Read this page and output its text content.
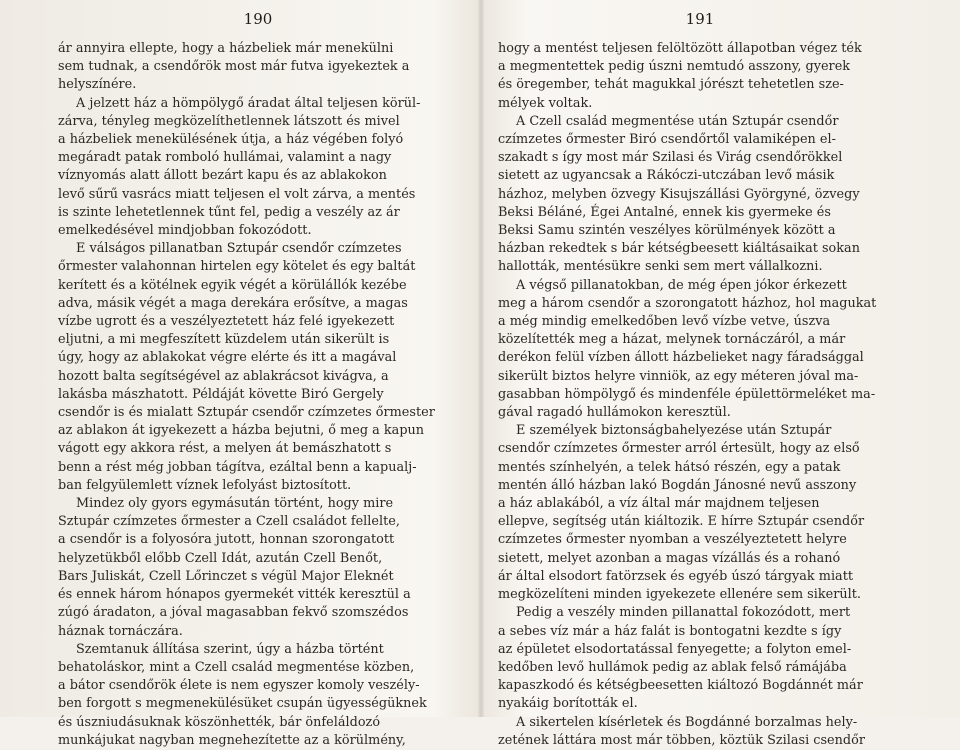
190
ár annyira ellepte, hogy a házbeliek már menekülni
sem tudnak, a csendőrök most már futva igyekeztek a
helyszínére.
A jelzett ház a hömpölygő áradat által teljesen körül-
zárva, tényleg megközelíthetlennek látszott és mivel
a házbeliek menekülésének útja, a ház végében folyó
megáradt patak romboló hullámai, valamint a nagy
víznyomás alatt állott bezárt kapu és az ablakokon
levő sűrű vasrács miatt teljesen el volt zárva, a mentés
is szinte lehetetlennek tűnt fel, pedig a veszély az ár
emelkedésével mindjobban fokozódott.
E válságos pillanatban Sztupár csendőr czímzetes
őrmester valahonnan hirtelen egy kötelet és egy baltát
kerített és a kötélnek egyik végét a körülállók kezébe
adva, másik végét a maga derekára erősítve, a magas
vízbe ugrott és a veszélyeztetett ház felé igyekezett
eljutni, a mi megfeszített küzdelem után sikerült is
úgy, hogy az ablakokat végre elérte és itt a magával
hozott balta segítségével az ablakrácsot kivágva, a
lakásba mászhatott. Példáját követte Biró Gergely
csendőr is és mialatt Sztupár csendőr czímzetes őrmester
az ablakon át igyekezett a házba bejutni, ő meg a kapun
vágott egy akkora rést, a melyen át bemászhatott s
benn a rést még jobban tágítva, ezáltal benn a kapualj-
ban felgyülemlett víznek lefolyást biztosított.
Mindez oly gyors egymásután történt, hogy mire
Sztupár czímzetes őrmester a Czell családot fellelte,
a csendőr is a folyosóra jutott, honnan szorongatott
helyzetükből előbb Czell Idát, azután Czell Benőt,
Bars Juliskát, Czell Lőrinczet s végül Major Eleknét
és ennek három hónapos gyermekét vitték keresztül a
zúgó áradaton, a jóval magasabban fekvő szomszédos
háznak tornáczára.
Szemtanuk állítása szerint, úgy a házba történt
behatoláskor, mint a Czell család megmentése közben,
a bátor csendőrök élete is nem egyszer komoly veszély-
ben forgott s megmenekülésüket csupán ügyességüknek
és úszniudásuknak köszönhették, bár önfeláldozó
munkájukat nagyban megnehezítette az a körülmény,
191
hogy a mentést teljesen felöltözött állapotban végez ték
a megmentettek pedig úszni nemtudó asszony, gyerek
és öregember, tehát magukkal jórészt tehetetlen sze-
mélyek voltak.
A Czell család megmentése után Sztupár csendőr
czímzetes őrmester Biró csendőrtől valamiképen el-
szakadt s így most már Szilasi és Virág csendőrökkel
sietett az ugyancsak a Rákóczi-utczában levő másik
házhoz, melyben özvegy Kisujszállási Györgyné, özvegy
Beksi Béláné, Égei Antalné, ennek kis gyermeke és
Beksi Samu szintén veszélyes körülmények között a
házban rekedtek s bár kétségbeesett kiáltásaikat sokan
hallották, mentésükre senki sem mert vállalkozni.
A végső pillanatokban, de még épen jókor érkezett
meg a három csendőr a szorongatott házhoz, hol magukat
a még mindig emelkedőben levő vízbe vetve, úszva
közelítették meg a házat, melynek tornáczáról, a már
derékon felül vízben állott házbelieket nagy fáradsággal
sikerült biztos helyre vinniök, az egy méteren jóval ma-
gasabban hömpölygő és mindenféle épülettörmeléket ma-
gával ragadó hullámokon keresztül.
E személyek biztonságbahelyezése után Sztupár
csendőr czímzetes őrmester arról értesült, hogy az első
mentés színhelyén, a telek hátsó részén, egy a patak
mentén álló házban lakó Bogdán Jánosné nevű asszony
a ház ablakából, a víz által már majdnem teljesen
ellepve, segítség után kiáltozik. E hírre Sztupár csendőr
czímzetes őrmester nyomban a veszélyeztetett helyre
sietett, melyet azonban a magas vízállás és a rohanó
ár által elsodort fatörzsek és egyéb úszó tárgyak miatt
megközelíteni minden igyekezete ellenére sem sikerült.
Pedig a veszély minden pillanattal fokozódott, mert
a sebes víz már a ház falát is bontogatni kezdte s így
az épületet elsodortatással fenyegette; a folyton emel-
kedőben levő hullámok pedig az ablak felső rámájába
kapaszkodó és kétségbeesetten kiáltozó Bogdánnét már
nyakáig borították el.
A sikertelen kísérletek és Bogdánné borzalmas hely-
zetének láttára most már többen, köztük Szilasi csendőr
